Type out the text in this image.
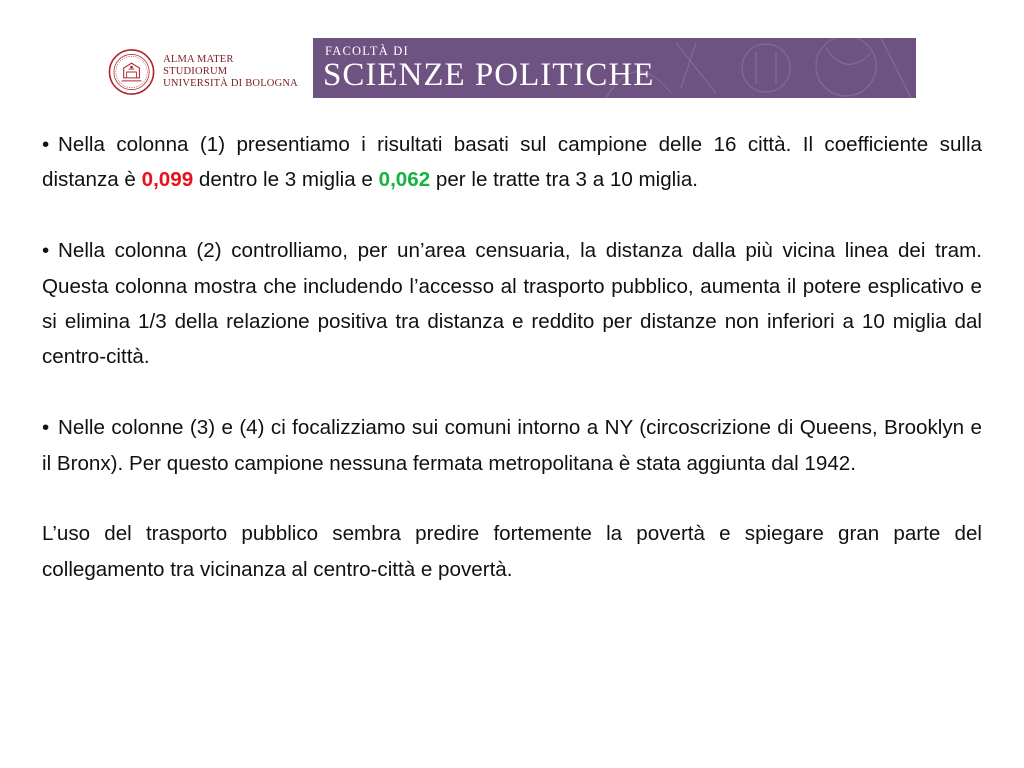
ALMA MATER STUDIORUM
UNIVERSITÀ DI BOLOGNA
FACOLTÀ DI
SCIENZE POLITICHE

• Nella colonna (1) presentiamo i risultati basati sul campione delle 16 città. Il coefficiente sulla distanza è 0,099 dentro le 3 miglia e 0,062 per le tratte tra 3 a 10 miglia.

• Nella colonna (2) controlliamo, per un’area censuaria, la distanza dalla più vicina linea dei tram. Questa colonna mostra che includendo l’accesso al trasporto pubblico, aumenta il potere esplicativo e si elimina 1/3 della relazione positiva tra distanza e reddito per distanze non inferiori a 10 miglia dal centro-città.

• Nelle colonne (3) e (4) ci focalizziamo sui comuni intorno a NY (circoscrizione di Queens, Brooklyn e il Bronx). Per questo campione nessuna fermata metropolitana è stata aggiunta dal 1942.

L’uso del trasporto pubblico sembra predire fortemente la povertà e spiegare gran parte del collegamento tra vicinanza al centro-città e povertà.
